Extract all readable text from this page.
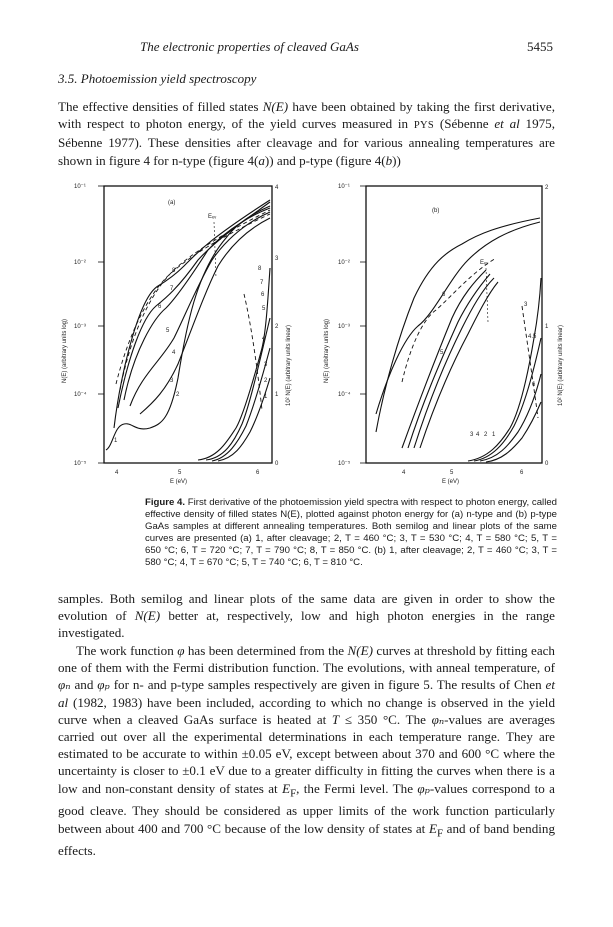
The electronic properties of cleaved GaAs	5455
3.5. Photoemission yield spectroscopy

The effective densities of filled states N(E) have been obtained by taking the first derivative, with respect to photon energy, of the yield curves measured in PYS (Sébenne et al 1975, Sébenne 1977). These densities after cleavage and for various annealing temperatures are shown in figure 4 for n-type (figure 4(a)) and p-type (figure 4(b))

10⁻¹
10⁻²
10⁻³
10⁻⁴
10⁻⁵
4
3
2
1
0
4	5	6
E (eV)
N(E) (arbitrary units log)	10² N(E) (arbitrary units linear)
(a)
Eₑᵥ
8
7
6
5
4
3
2
1
8
7
6
5
4
3
2
1
10⁻¹
10⁻²
10⁻³
10⁻⁴
10⁻⁵
2
1
0
4	5	6
E (eV)
N(E) (arbitrary units log)	10² N(E) (arbitrary units linear)
(b)
Eₑᵥ
6
5
3 4 2 1
3
4.5
6

Figure 4. First derivative of the photoemission yield spectra with respect to photon energy, called effective density of filled states N(E), plotted against photon energy for (a) n-type and (b) p-type GaAs samples at different annealing temperatures. Both semilog and linear plots of the same curves are presented (a) 1, after cleavage; 2, T = 460 °C; 3, T = 530 °C; 4, T = 580 °C; 5, T = 650 °C; 6, T = 720 °C; 7, T = 790 °C; 8, T = 850 °C. (b) 1, after cleavage; 2, T = 460 °C; 3, T = 580 °C; 4, T = 670 °C; 5, T = 740 °C; 6, T = 810 °C.

samples. Both semilog and linear plots of the same data are given in order to show the evolution of N(E) better at, respectively, low and high photon energies in the range investigated.

The work function φ has been determined from the N(E) curves at threshold by fitting each one of them with the Fermi distribution function. The evolutions, with anneal temperature, of φₙ and φₚ for n- and p-type samples respectively are given in figure 5. The results of Chen et al (1982, 1983) have been included, according to which no change is observed in the yield curve when a cleaved GaAs surface is heated at T ≤ 350 °C. The φₙ-values are averages carried out over all the experimental determinations in each temperature range. They are estimated to be accurate to within ±0.05 eV, except between about 370 and 600 °C where the uncertainty is closer to ±0.1 eV due to a greater difficulty in fitting the curves when there is a low and non-constant density of states at $E_F$, the Fermi level. The φₚ-values correspond to a good cleave. They should be considered as upper limits of the work function particularly between about 400 and 700 °C because of the low density of states at $E_F$ and of band bending effects.
